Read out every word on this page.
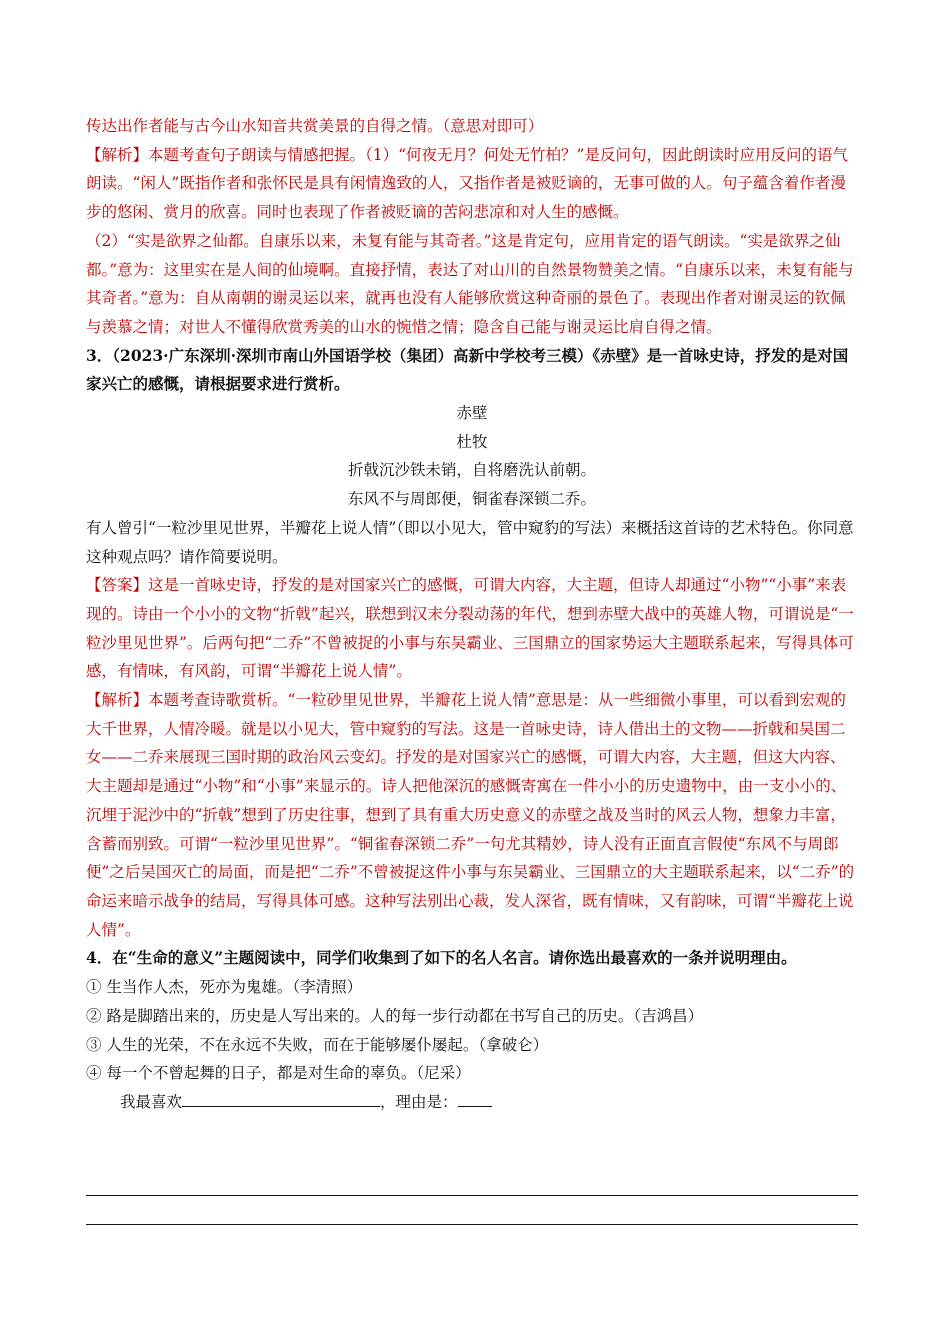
传达出作者能与古今山水知音共赏美景的自得之情。（意思对即可）

【解析】本题考查句子朗读与情感把握。（1）“何夜无月？何处无竹柏？”是反问句，因此朗读时应用反问的语气朗读。“闲人”既指作者和张怀民是具有闲情逸致的人，又指作者是被贬谪的，无事可做的人。句子蕴含着作者漫步的悠闲、赏月的欣喜。同时也表现了作者被贬谪的苦闷悲凉和对人生的感慨。

（2）“实是欲界之仙都。自康乐以来，未复有能与其奇者。”这是肯定句，应用肯定的语气朗读。“实是欲界之仙都。”意为：这里实在是人间的仙境啊。直接抒情，表达了对山川的自然景物赞美之情。“自康乐以来，未复有能与其奇者。”意为：自从南朝的谢灵运以来，就再也没有人能够欣赏这种奇丽的景色了。表现出作者对谢灵运的钦佩与羡慕之情；对世人不懂得欣赏秀美的山水的惋惜之情；隐含自己能与谢灵运比肩自得之情。

3．（2023·广东深圳·深圳市南山外国语学校（集团）高新中学校考三模）《赤壁》是一首咏史诗，抒发的是对国家兴亡的感慨，请根据要求进行赏析。

赤壁

杜牧

折戟沉沙铁未销，自将磨洗认前朝。

东风不与周郎便，铜雀春深锁二乔。

有人曾引“一粒沙里见世界，半瓣花上说人情”（即以小见大，管中窥豹的写法）来概括这首诗的艺术特色。你同意这种观点吗？请作简要说明。

【答案】这是一首咏史诗，抒发的是对国家兴亡的感慨，可谓大内容，大主题，但诗人却通过“小物”“小事”来表现的。诗由一个小小的文物“折戟”起兴，联想到汉末分裂动荡的年代，想到赤壁大战中的英雄人物，可谓说是“一粒沙里见世界”。后两句把“二乔”不曾被捉的小事与东吴霸业、三国鼎立的国家势运大主题联系起来，写得具体可感，有情味，有风韵，可谓“半瓣花上说人情”。

【解析】本题考查诗歌赏析。“一粒砂里见世界，半瓣花上说人情”意思是：从一些细微小事里，可以看到宏观的大千世界，人情冷暖。就是以小见大，管中窥豹的写法。这是一首咏史诗，诗人借出土的文物——折戟和吴国二女——二乔来展现三国时期的政治风云变幻。抒发的是对国家兴亡的感慨，可谓大内容，大主题，但这大内容、大主题却是通过“小物”和“小事”来显示的。诗人把他深沉的感慨寄寓在一件小小的历史遗物中，由一支小小的、沉埋于泥沙中的“折戟”想到了历史往事，想到了具有重大历史意义的赤壁之战及当时的风云人物，想象力丰富，含蓄而别致。可谓“一粒沙里见世界”。“铜雀春深锁二乔”一句尤其精妙，诗人没有正面直言假使“东风不与周郎便”之后吴国灭亡的局面，而是把“二乔”不曾被捉这件小事与东吴霸业、三国鼎立的大主题联系起来，以“二乔”的命运来暗示战争的结局，写得具体可感。这种写法别出心裁，发人深省，既有情味，又有韵味，可谓“半瓣花上说人情”。

4．在“生命的意义”主题阅读中，同学们收集到了如下的名人名言。请你选出最喜欢的一条并说明理由。

① 生当作人杰，死亦为鬼雄。（李清照）

② 路是脚踏出来的，历史是人写出来的。人的每一步行动都在书写自己的历史。（吉鸿昌）

③ 人生的光荣，不在永远不失败，而在于能够屡仆屡起。（拿破仑）

④ 每一个不曾起舞的日子，都是对生命的辜负。（尼采）

我最喜欢	，理由是：
